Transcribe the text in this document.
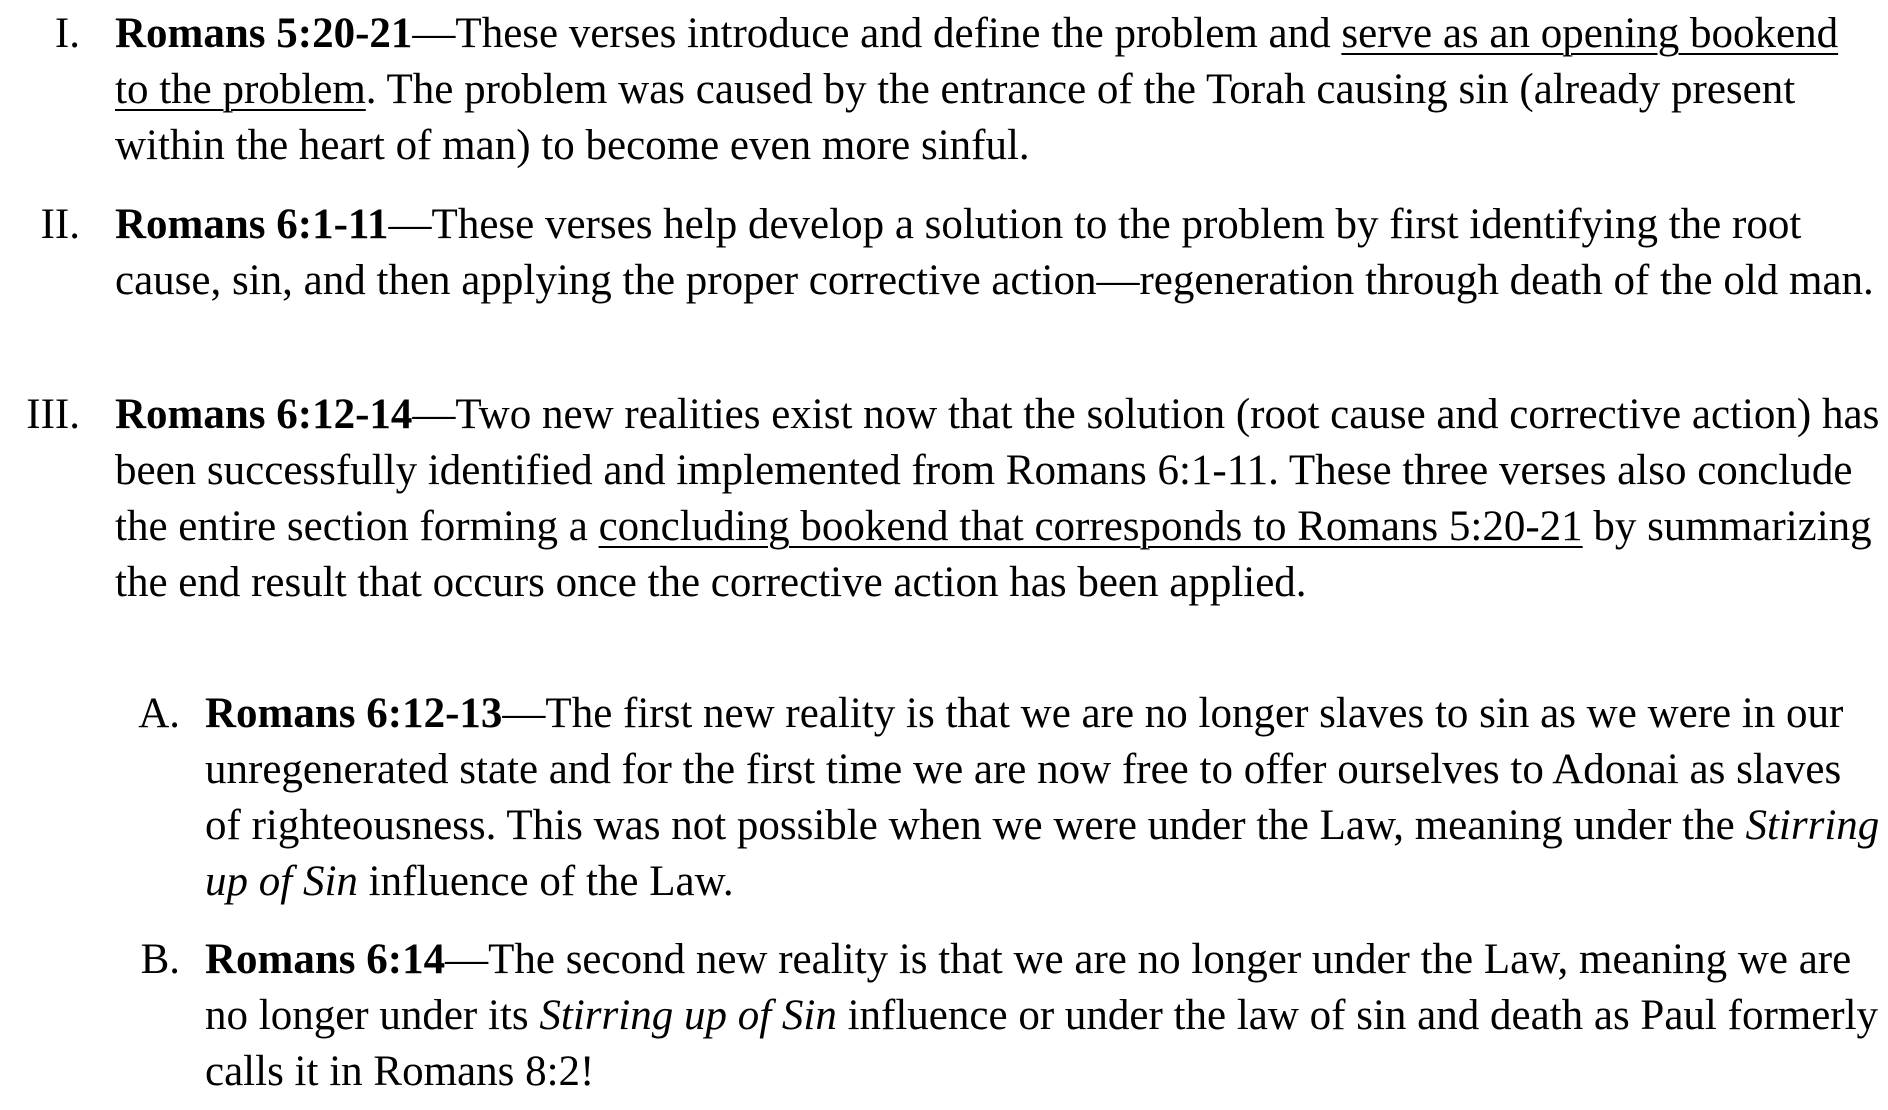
I. Romans 5:20-21—These verses introduce and define the problem and serve as an opening bookend to the problem. The problem was caused by the entrance of the Torah causing sin (already present within the heart of man) to become even more sinful.
II. Romans 6:1-11—These verses help develop a solution to the problem by first identifying the root cause, sin, and then applying the proper corrective action—regeneration through death of the old man.
III. Romans 6:12-14—Two new realities exist now that the solution (root cause and corrective action) has been successfully identified and implemented from Romans 6:1-11. These three verses also conclude the entire section forming a concluding bookend that corresponds to Romans 5:20-21 by summarizing the end result that occurs once the corrective action has been applied.
A. Romans 6:12-13—The first new reality is that we are no longer slaves to sin as we were in our unregenerated state and for the first time we are now free to offer ourselves to Adonai as slaves of righteousness. This was not possible when we were under the Law, meaning under the Stirring up of Sin influence of the Law.
B. Romans 6:14—The second new reality is that we are no longer under the Law, meaning we are no longer under its Stirring up of Sin influence or under the law of sin and death as Paul formerly calls it in Romans 8:2!
